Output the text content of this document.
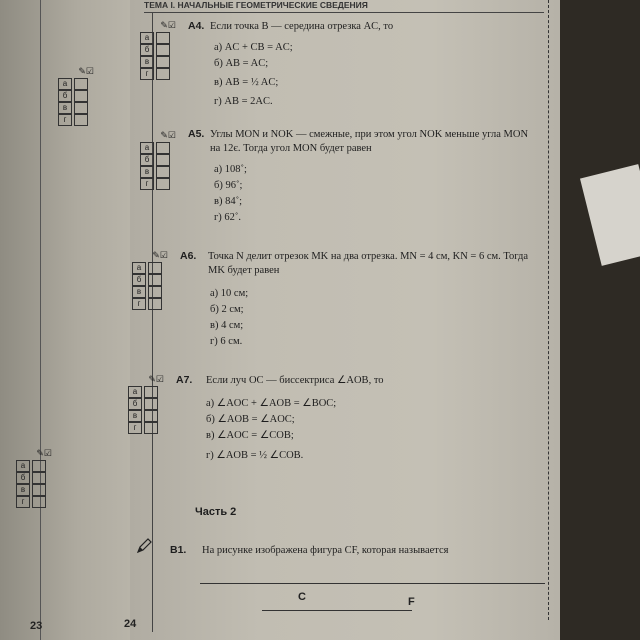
✎☑
а
б
в
г
✎☑
а
б
в
г
23
ТЕМА I. НАЧАЛЬНЫЕ ГЕОМЕТРИЧЕСКИЕ СВЕДЕНИЯ
24
✎☑
а
б
в
г
А4. Если точка B — середина отрезка AC, то
а) AC + CB = AC;
б) AB = AC;
в) AB = ½ AC;
г) AB = 2AC.
✎☑
а
б
в
г
А5. Углы MON и NOK — смежные, при этом угол NOK меньше угла MON на 12є. Тогда угол MON будет равен
а) 108˚;
б) 96˚;
в) 84˚;
г) 62˚.
✎☑
а
б
в
г
А6. Точка N делит отрезок MK на два отрезка. MN = 4 см, KN = 6 см. Тогда MK будет равен
а) 10 см;
б) 2 см;
в) 4 см;
г) 6 см.
✎☑
а
б
в
г
А7. Если луч OC — биссектриса ∠AOB, то
а) ∠AOC + ∠AOB = ∠BOC;
б) ∠AOB = ∠AOC;
в) ∠AOC = ∠COB;
г) ∠AOB = ½ ∠COB.
Часть 2
В1. На рисунке изображена фигура CF, которая называется
C	F
